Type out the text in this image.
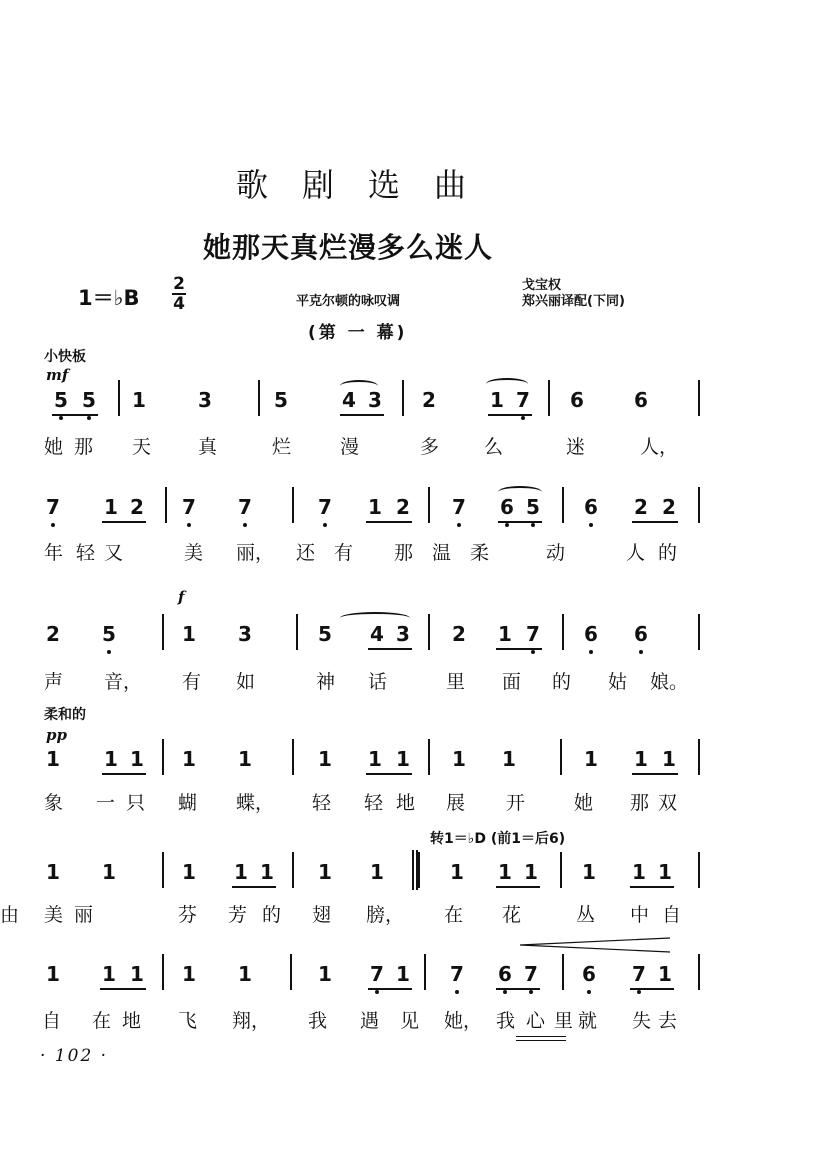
歌剧选曲
她那天真烂漫多么迷人
1＝♭B
2
4	平克尔顿的咏叹调
戈宝权
郑兴丽译配(下同)
(第 一 幕)
小快板
mf
f
柔和的
pp
转1＝♭D (前1＝后6)
5 5 1	3	5	4 3 2	1 7 6	6
她 那 天 真	烂	漫	多 么	迷	人，
7 1 2 7 7	7 1 2 7 6 5 6 2 2
年 轻 又	美 丽， 还 有 那 温 柔	动	人 的
2 5	1 3	5 4 3 2 1 7 6 6
声 音， 有 如	神 话	里 面 的 姑 娘。
1 1 1 1 1	1 1 1 1 1	1 1 1
象 一 只 蝴 蝶， 轻 轻 地 展 开	她 那 双
1 1	1 1 1 1 1	1 1 1 1 1 1
美 丽	芬 芳 的 翅 膀， 在 花	丛 中 自
由
1 1 1 1 1	1 7 1 7 6 7 6 7 1
自 在 地 飞 翔， 我 遇 见 她， 我 心 里 就 失 去
· 102 ·
